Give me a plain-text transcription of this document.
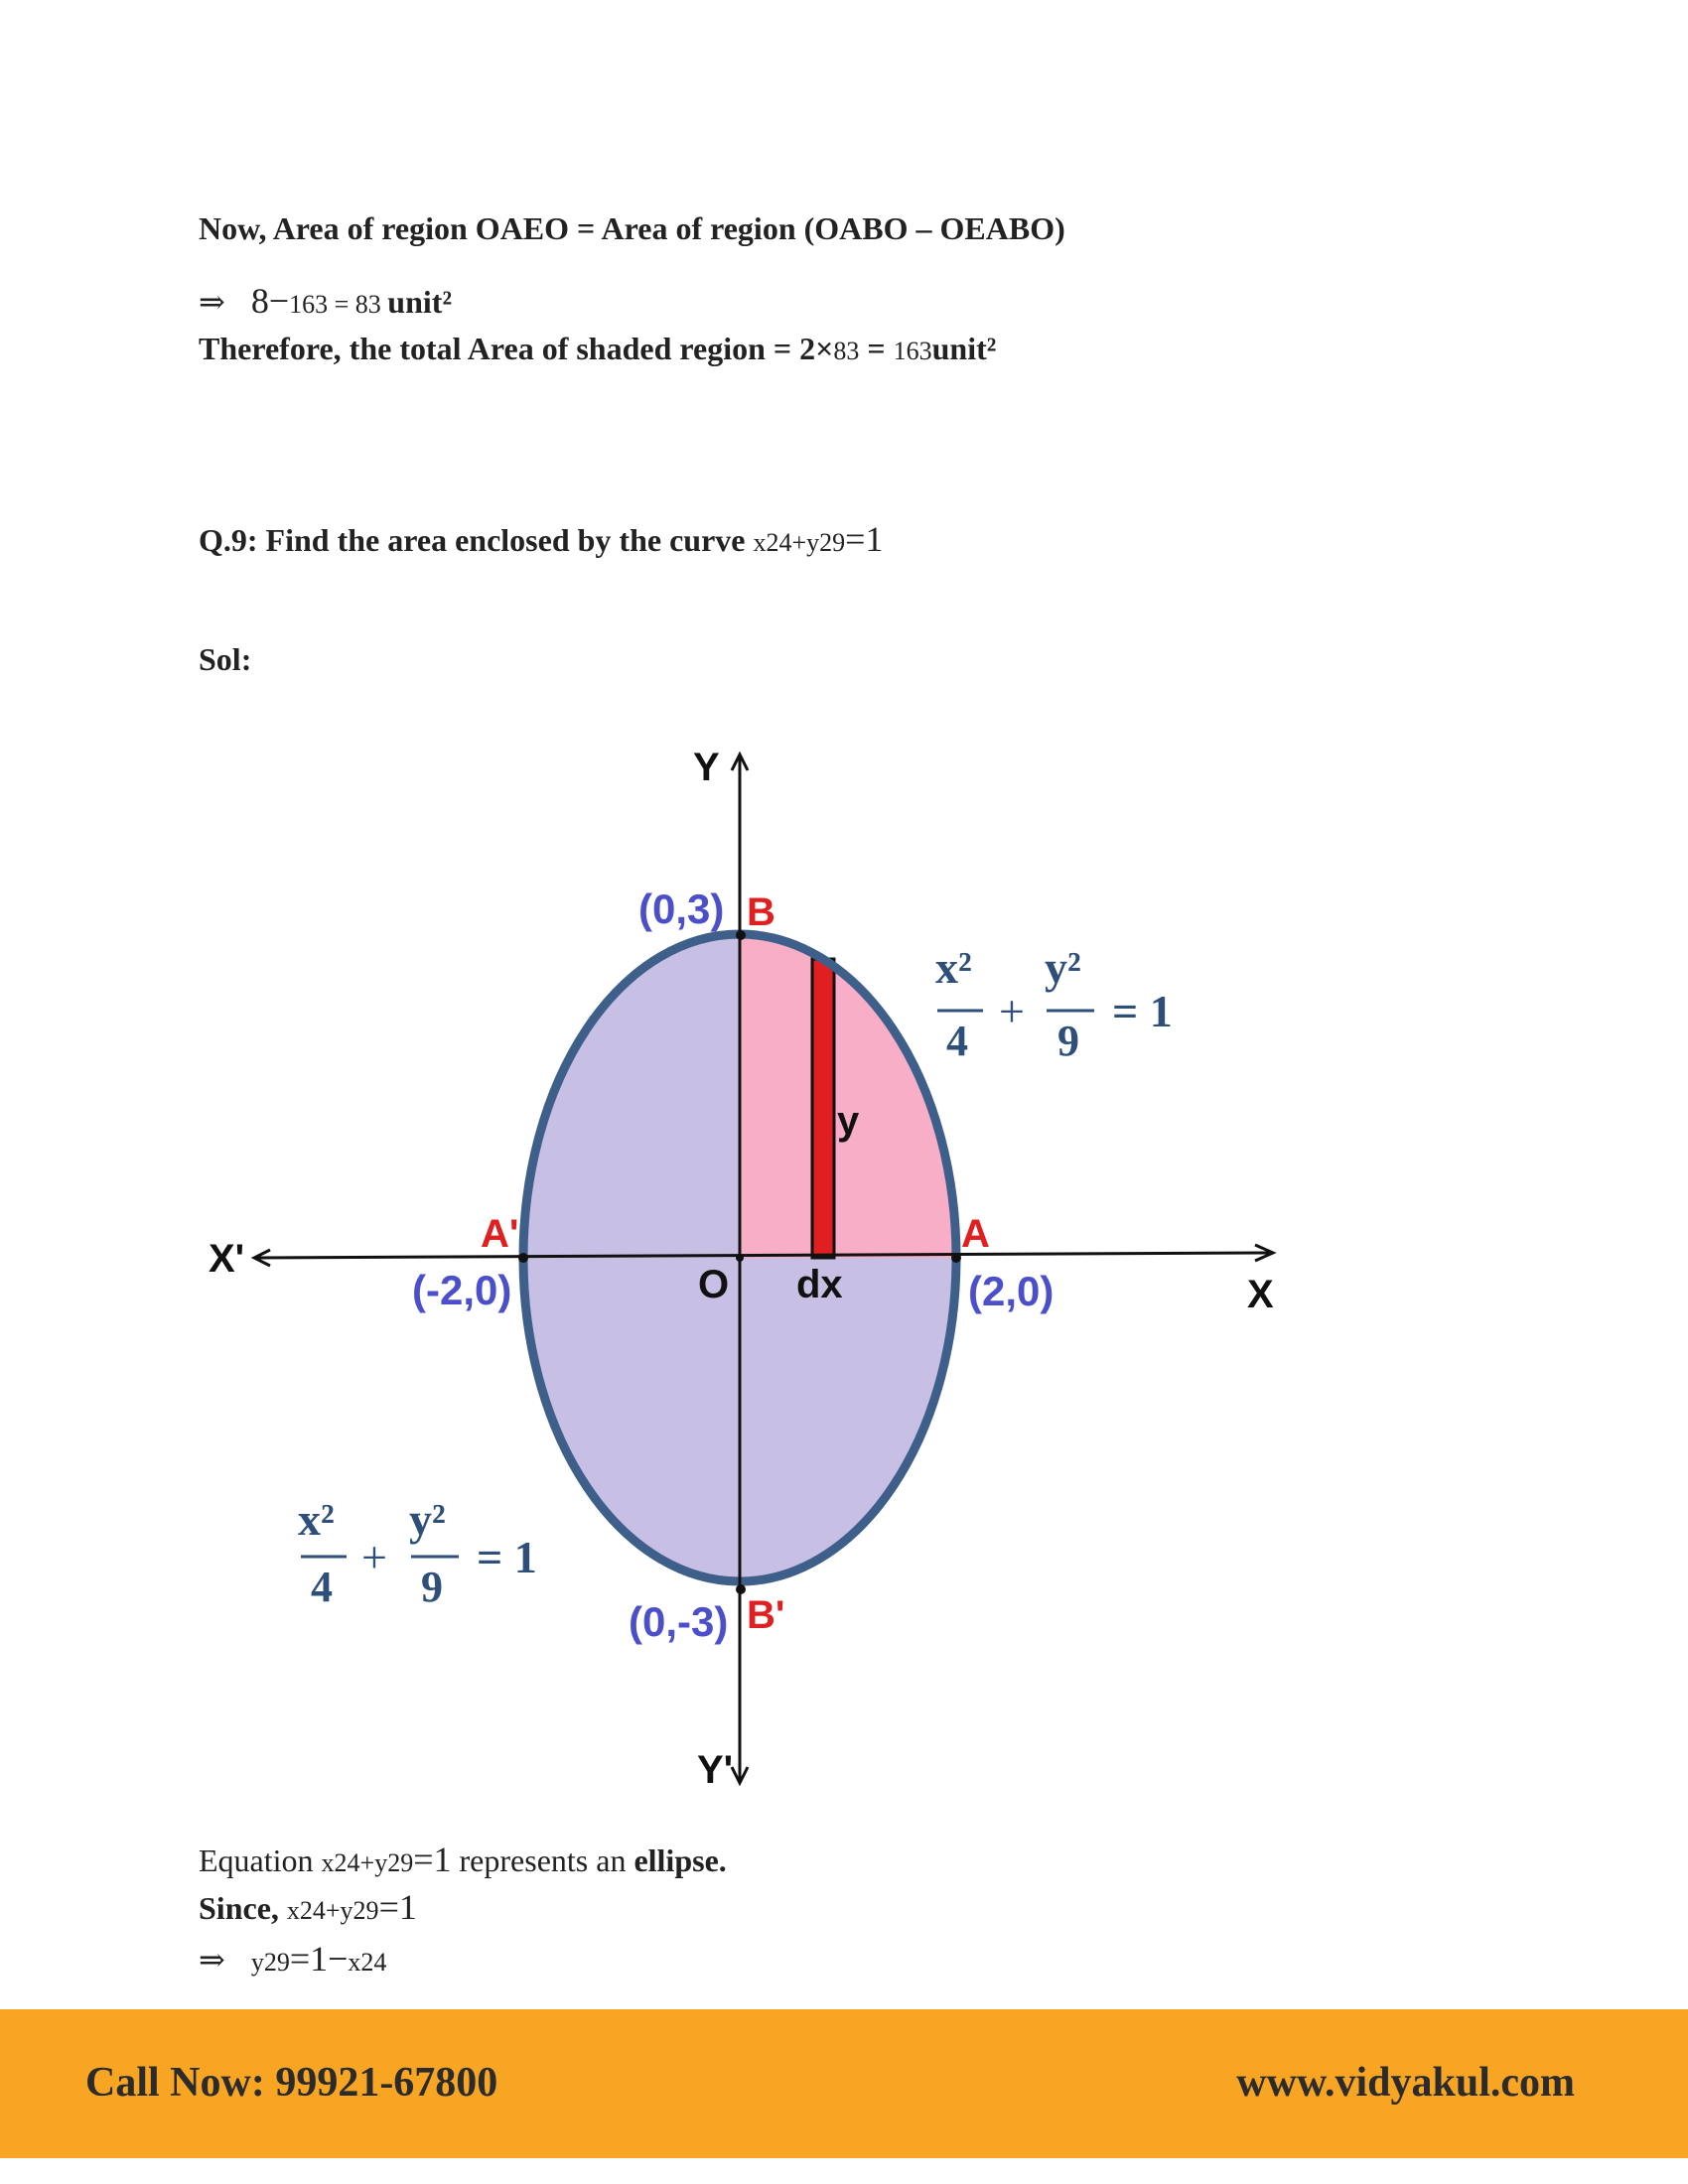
Now, Area of region OAEO = Area of region (OABO – OEABO)
⇒ 8−163 = 83 unit²
Therefore, the total Area of shaded region = 2×83 = 163unit²
Q.9: Find the area enclosed by the curve x24+y29=1
Sol:
Y
Y'
X
X'
O dx
y
(0,3) B
(0,-3) B'
A
(2,0)
A'
(-2,0)
x²
4
+
y²
9
= 1
x²
4
+
y²
9
= 1
Equation x24+y29=1 represents an ellipse.
Since, x24+y29=1
⇒ y29=1−x24
Call Now: 99921-67800	www.vidyakul.com
